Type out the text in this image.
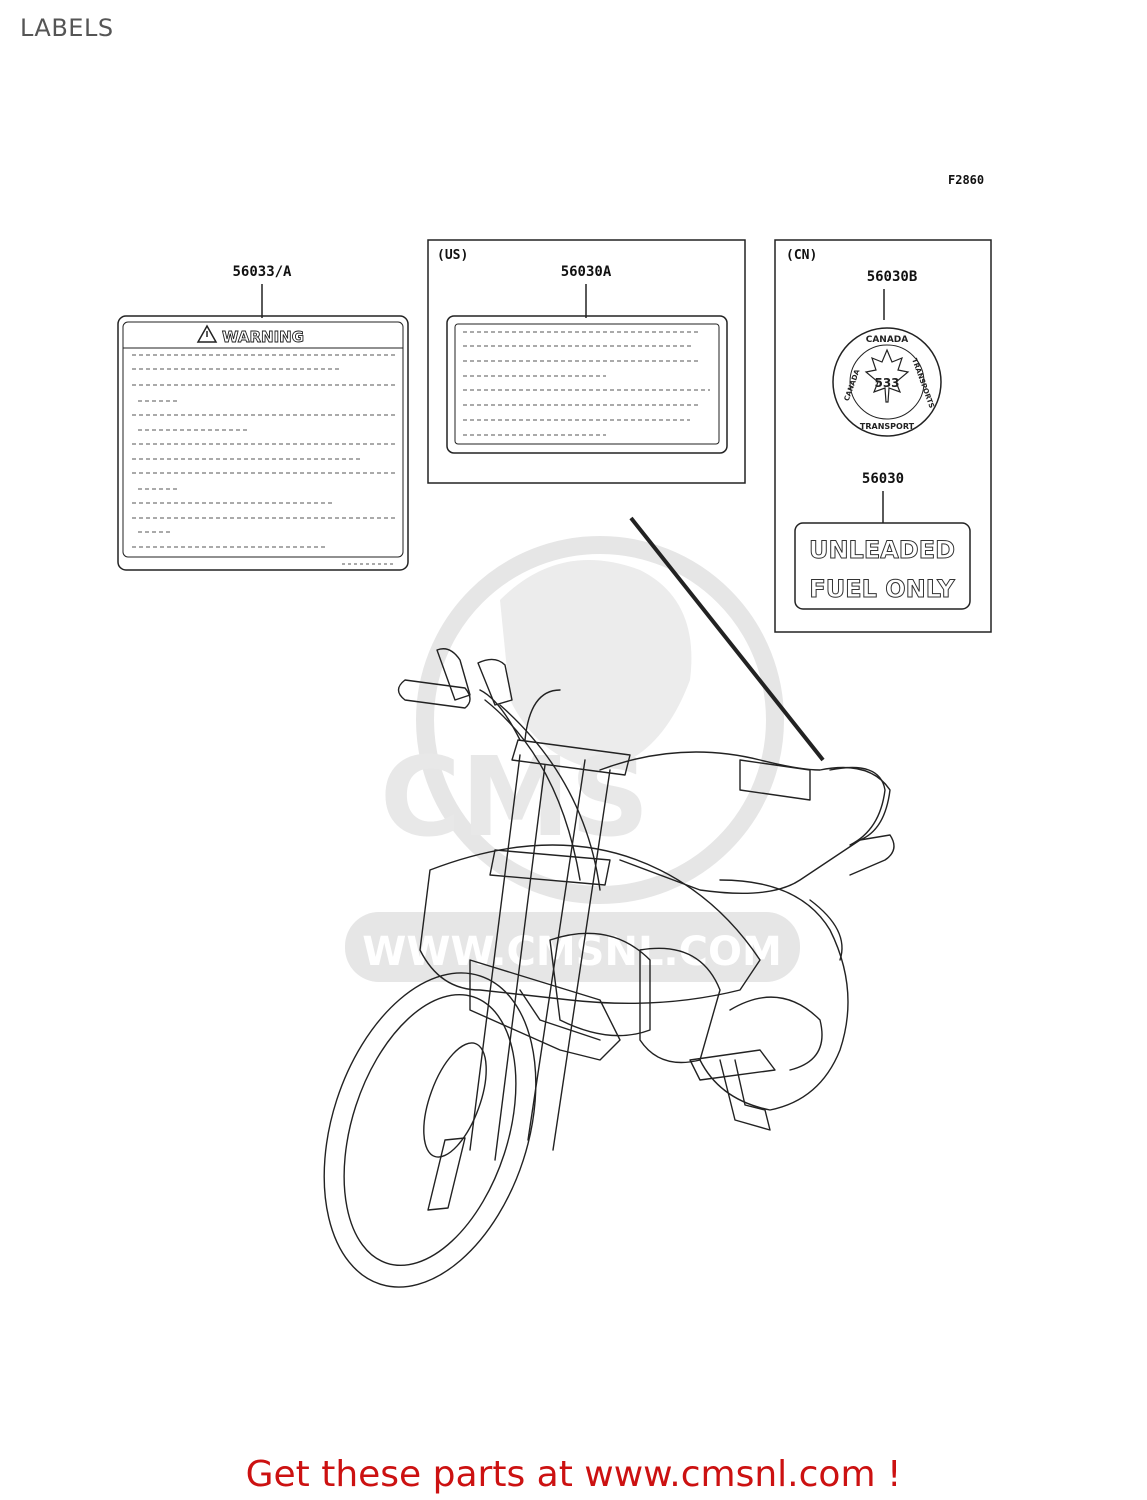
LABELS
CMS
WWW.CMSNL.COM
F2860
56033/A
WARNING
(US)
56030A
(CN)
56030B
533
CANADA
CANADA	TRANSPORTS
TRANSPORT
56030
UNLEADED
FUEL ONLY
Get these parts at www.cmsnl.com !
